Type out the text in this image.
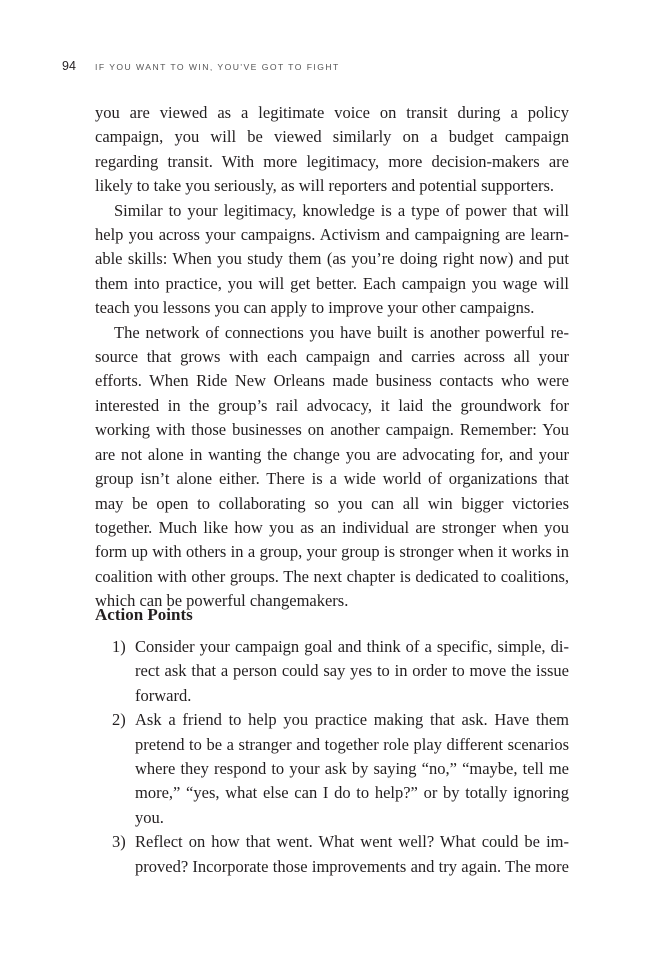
94	IF YOU WANT TO WIN, YOU'VE GOT TO FIGHT

you are viewed as a legitimate voice on transit during a policy campaign, you will be viewed similarly on a budget campaign regarding transit. With more legitimacy, more decision-makers are likely to take you seriously, as will reporters and potential supporters.

Similar to your legitimacy, knowledge is a type of power that will help you across your campaigns. Activism and campaigning are learnable skills: When you study them (as you’re doing right now) and put them into practice, you will get better. Each campaign you wage will teach you lessons you can apply to improve your other campaigns.

The network of connections you have built is another powerful resource that grows with each campaign and carries across all your efforts. When Ride New Orleans made business contacts who were interested in the group’s rail advocacy, it laid the groundwork for working with those businesses on another campaign. Remember: You are not alone in wanting the change you are advocating for, and your group isn’t alone either. There is a wide world of organizations that may be open to collaborating so you can all win bigger victories together. Much like how you as an individual are stronger when you form up with others in a group, your group is stronger when it works in coalition with other groups. The next chapter is dedicated to coalitions, which can be powerful changemakers.

Action Points
1) Consider your campaign goal and think of a specific, simple, direct ask that a person could say yes to in order to move the issue forward.
2) Ask a friend to help you practice making that ask. Have them pretend to be a stranger and together role play different scenarios where they respond to your ask by saying “no,” “maybe, tell me more,” “yes, what else can I do to help?” or by totally ignoring you.
3) Reflect on how that went. What went well? What could be improved? Incorporate those improvements and try again. The more
